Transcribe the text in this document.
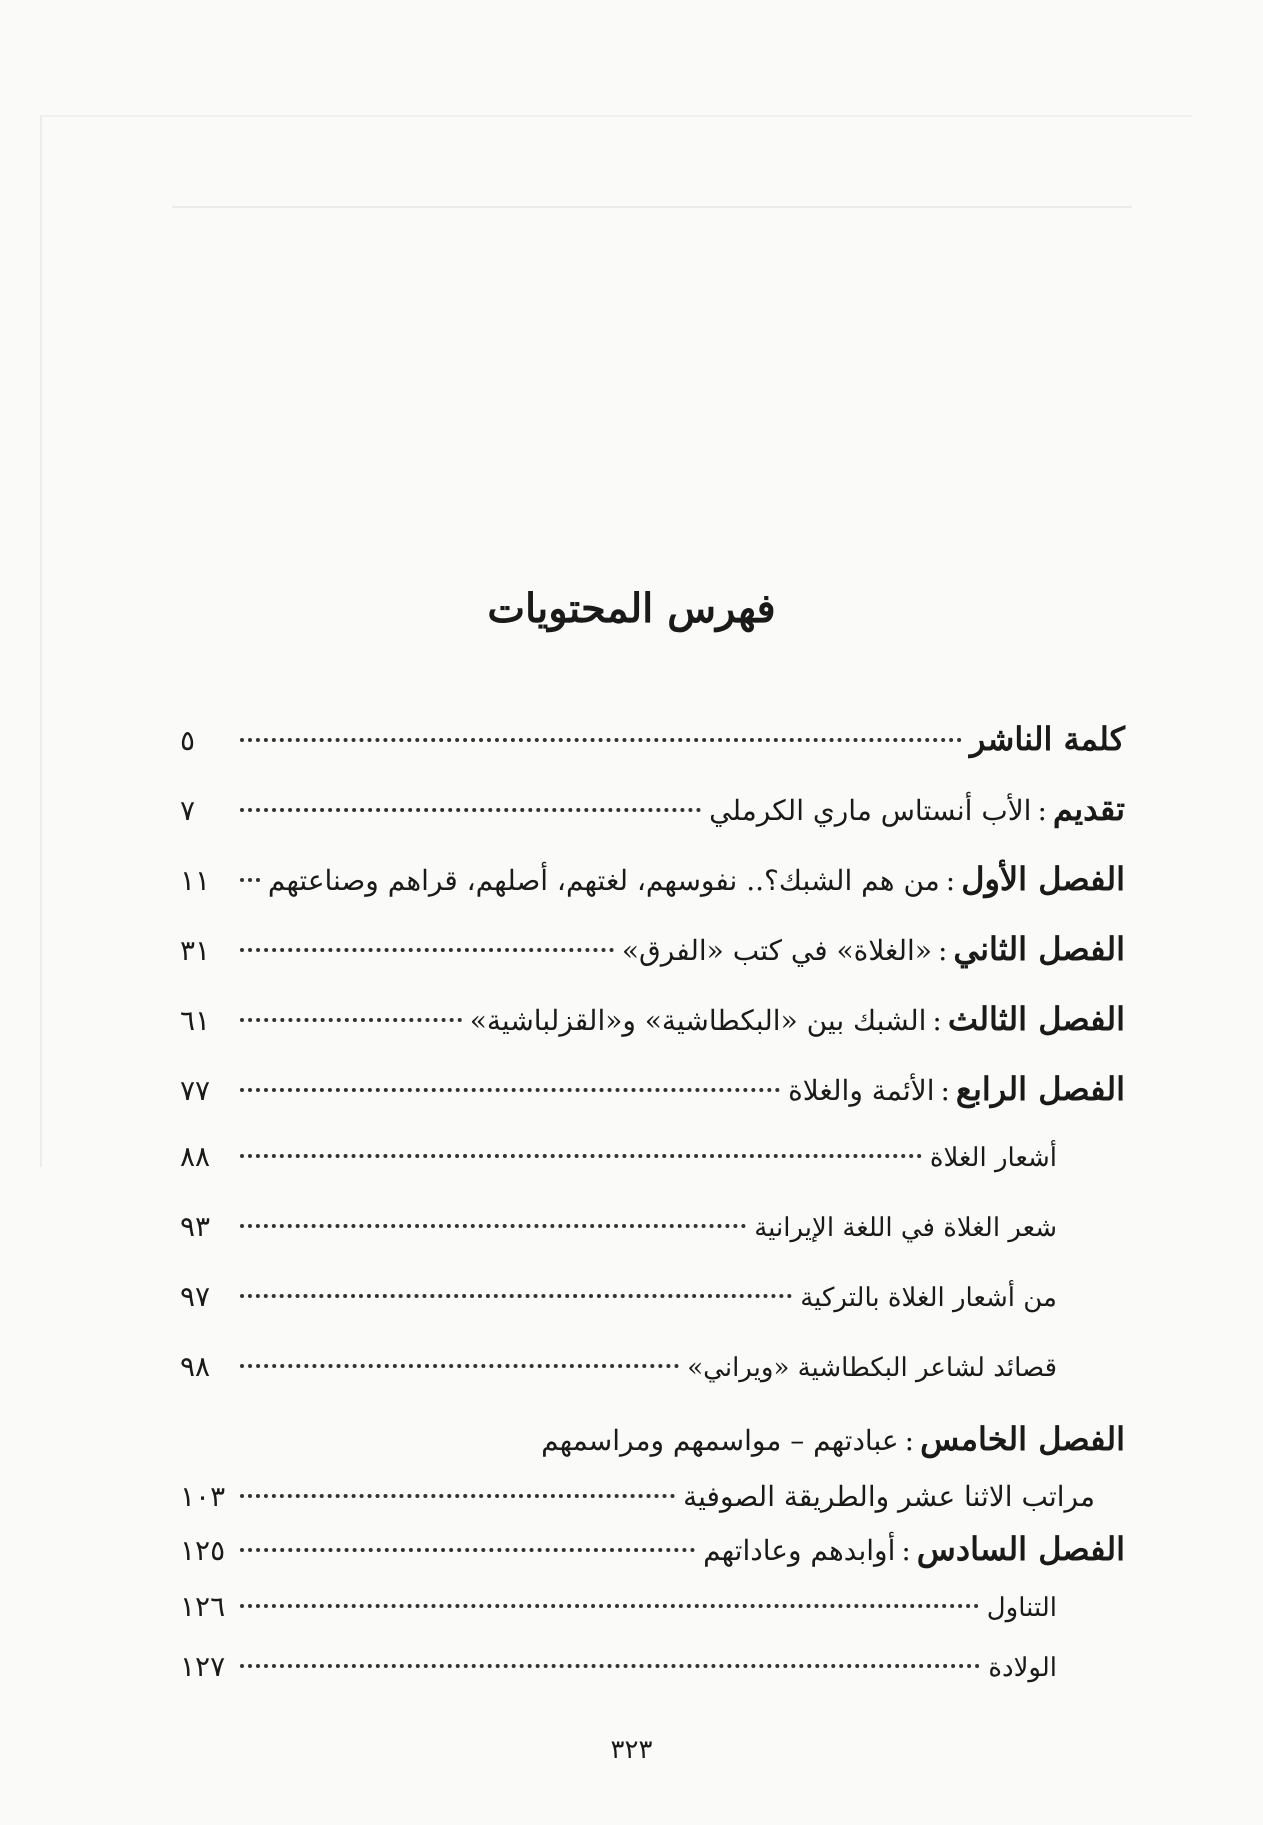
فهرس المحتويات
كلمة الناشر
٥
تقديم
:
الأب أنستاس ماري الكرملي
٧
الفصل الأول
:
من هم الشبك؟.. نفوسهم، لغتهم، أصلهم، قراهم وصناعتهم
١١
الفصل الثاني
:
«الغلاة» في كتب «الفرق»
٣١
الفصل الثالث
:
الشبك بين «البكطاشية» و«القزلباشية»
٦١
الفصل الرابع
:
الأئمة والغلاة
٧٧
أشعار الغلاة
٨٨
شعر الغلاة في اللغة الإيرانية
٩٣
من أشعار الغلاة بالتركية
٩٧
قصائد لشاعر البكطاشية «ويراني»
٩٨
الفصل الخامس
:
عبادتهم – مواسمهم ومراسمهم
مراتب الاثنا عشر والطريقة الصوفية
١٠٣
الفصل السادس
:
أوابدهم وعاداتهم
١٢٥
التناول
١٢٦
الولادة
١٢٧
٣٢٣
